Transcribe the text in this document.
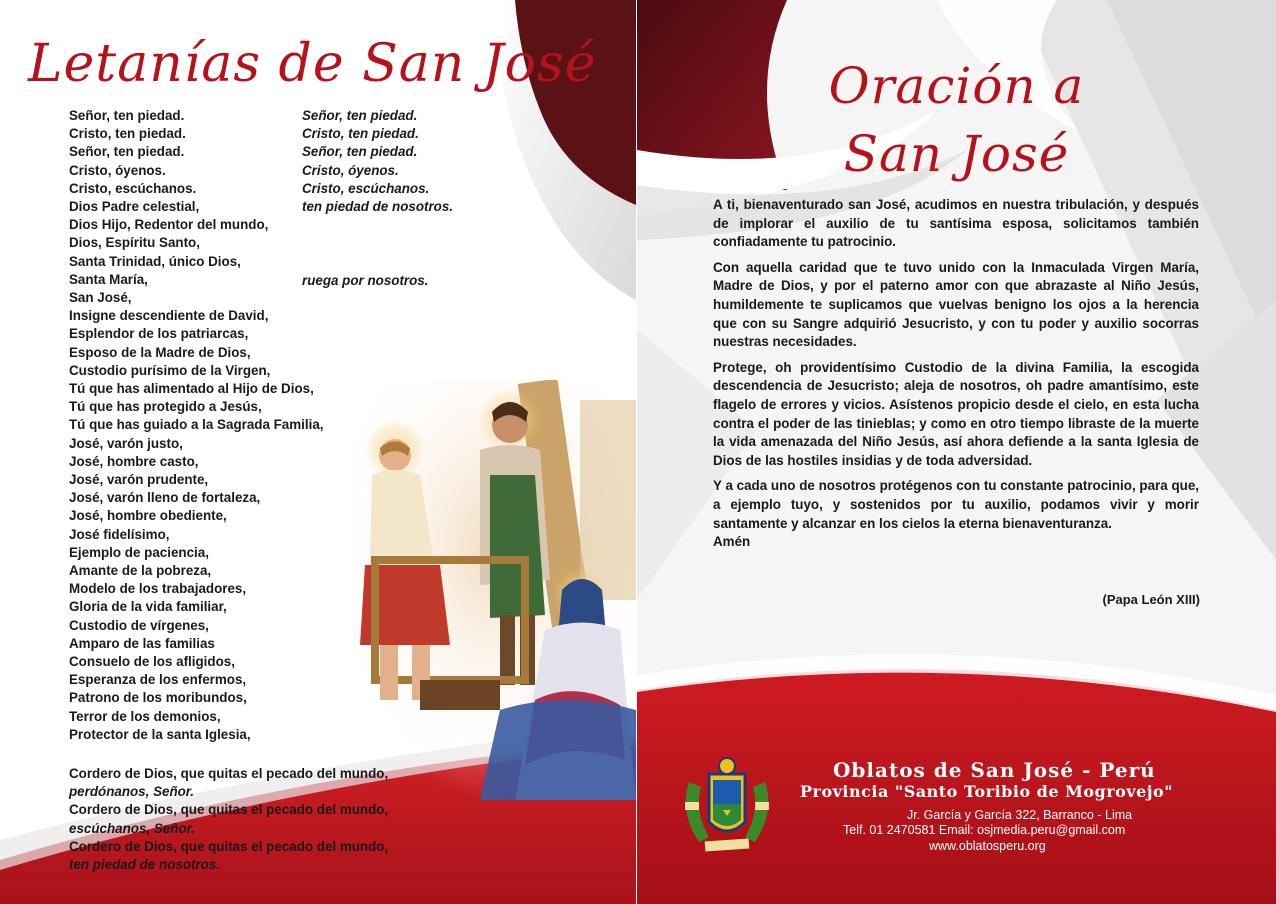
Letanías de San José
Señor, ten piedad.
Cristo, ten piedad.
Señor, ten piedad.
Cristo, óyenos.
Cristo, escúchanos.
Dios Padre celestial,
Dios Hijo, Redentor del mundo,
Dios, Espíritu Santo,
Santa Trinidad, único Dios,
Santa María,
San José,
Insigne descendiente de David,
Esplendor de los patriarcas,
Esposo de la Madre de Dios,
Custodio purísimo de la Virgen,
Tú que has alimentado al Hijo de Dios,
Tú que has protegido a Jesús,
Tú que has guiado a la Sagrada Familia,
José, varón justo,
José, hombre casto,
José, varón prudente,
José, varón lleno de fortaleza,
José, hombre obediente,
José fidelísimo,
Ejemplo de paciencia,
Amante de la pobreza,
Modelo de los trabajadores,
Gloria de la vida familiar,
Custodio de vírgenes,
Amparo de las familias
Consuelo de los afligidos,
Esperanza de los enfermos,
Patrono de los moribundos,
Terror de los demonios,
Protector de la santa Iglesia,
Señor, ten piedad.
Cristo, ten piedad.
Señor, ten piedad.
Cristo, óyenos.
Cristo, escúchanos.
ten piedad de nosotros.
ruega por nosotros.
Cordero de Dios, que quitas el pecado del mundo,
perdónanos, Señor.
Cordero de Dios, que quitas el pecado del mundo,
escúchanos, Señor.
Cordero de Dios, que quitas el pecado del mundo,
ten piedad de nosotros.
Oración a
San José

A ti, bienaventurado san José, acudimos en nuestra tribulación, y después de implorar el auxilio de tu santísima esposa, solicitamos también confiadamente tu patrocinio.

Con aquella caridad que te tuvo unido con la Inmaculada Virgen María, Madre de Dios, y por el paterno amor con que abrazaste al Niño Jesús, humildemente te suplicamos que vuelvas benigno los ojos a la herencia que con su Sangre adquirió Jesucristo, y con tu poder y auxilio socorras nuestras necesidades.

Protege, oh providentísimo Custodio de la divina Familia, la escogida descendencia de Jesucristo; aleja de nosotros, oh padre amantísimo, este flagelo de errores y vicios. Asístenos propicio desde el cielo, en esta lucha contra el poder de las tinieblas; y como en otro tiempo libraste de la muerte la vida amenazada del Niño Jesús, así ahora defiende a la santa Iglesia de Dios de las hostiles insidias y de toda adversidad.

Y a cada uno de nosotros protégenos con tu constante patrocinio, para que, a ejemplo tuyo, y sostenidos por tu auxilio, podamos vivir y morir santamente y alcanzar en los cielos la eterna bienaventuranza.

Amén
(Papa León XIII)
Oblatos de San José - Perú
Provincia "Santo Toribio de Mogrovejo"
Jr. García y García 322, Barranco - Lima
Telf. 01 2470581 Email: osjmedia.peru@gmail.com
www.oblatosperu.org
